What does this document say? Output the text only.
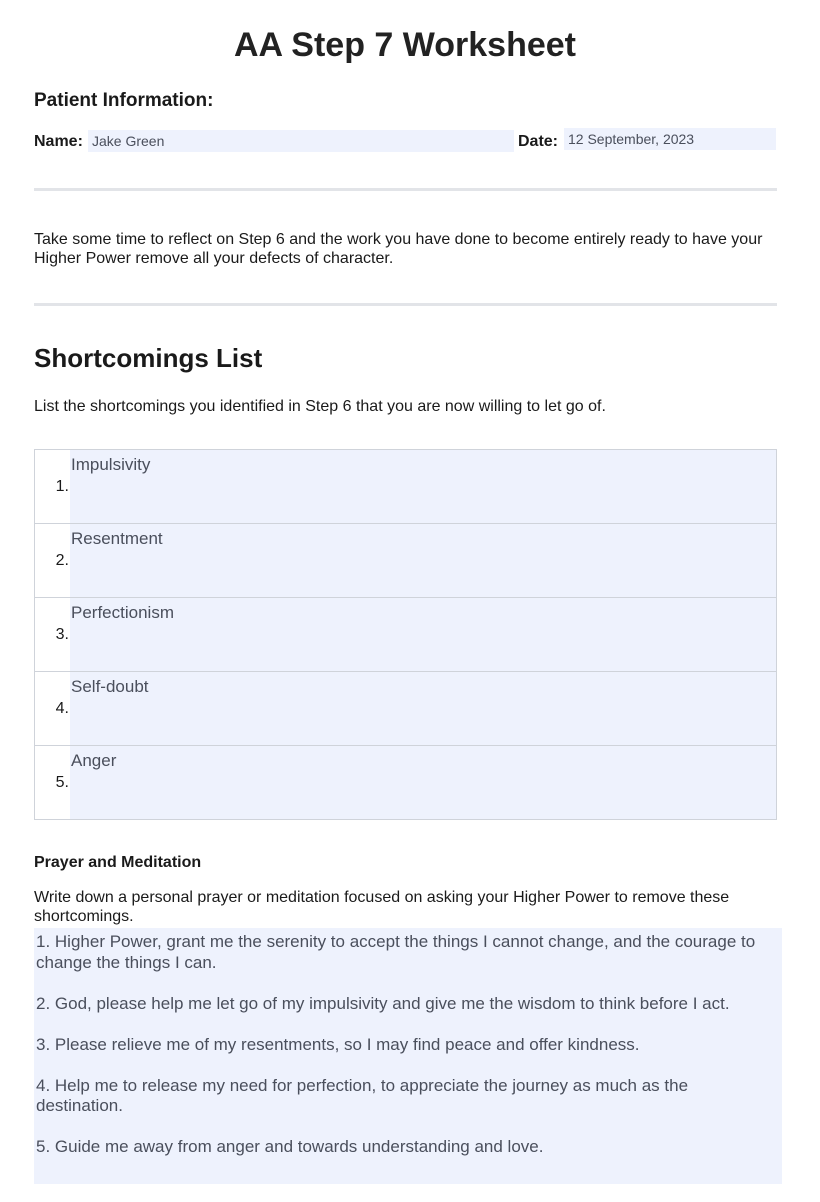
AA Step 7 Worksheet
Patient Information:
Name: Jake Green	Date: 12 September, 2023
Take some time to reflect on Step 6 and the work you have done to become entirely ready to have your Higher Power remove all your defects of character.
Shortcomings List
List the shortcomings you identified in Step 6 that you are now willing to let go of.
1.
Impulsivity
2.
Resentment
3.
Perfectionism
4.
Self-doubt
5.
Anger
Prayer and Meditation
Write down a personal prayer or meditation focused on asking your Higher Power to remove these shortcomings.
1. Higher Power, grant me the serenity to accept the things I cannot change, and the courage to change the things I can.
2. God, please help me let go of my impulsivity and give me the wisdom to think before I act.
3. Please relieve me of my resentments, so I may find peace and offer kindness.
4. Help me to release my need for perfection, to appreciate the journey as much as the destination.
5. Guide me away from anger and towards understanding and love.
